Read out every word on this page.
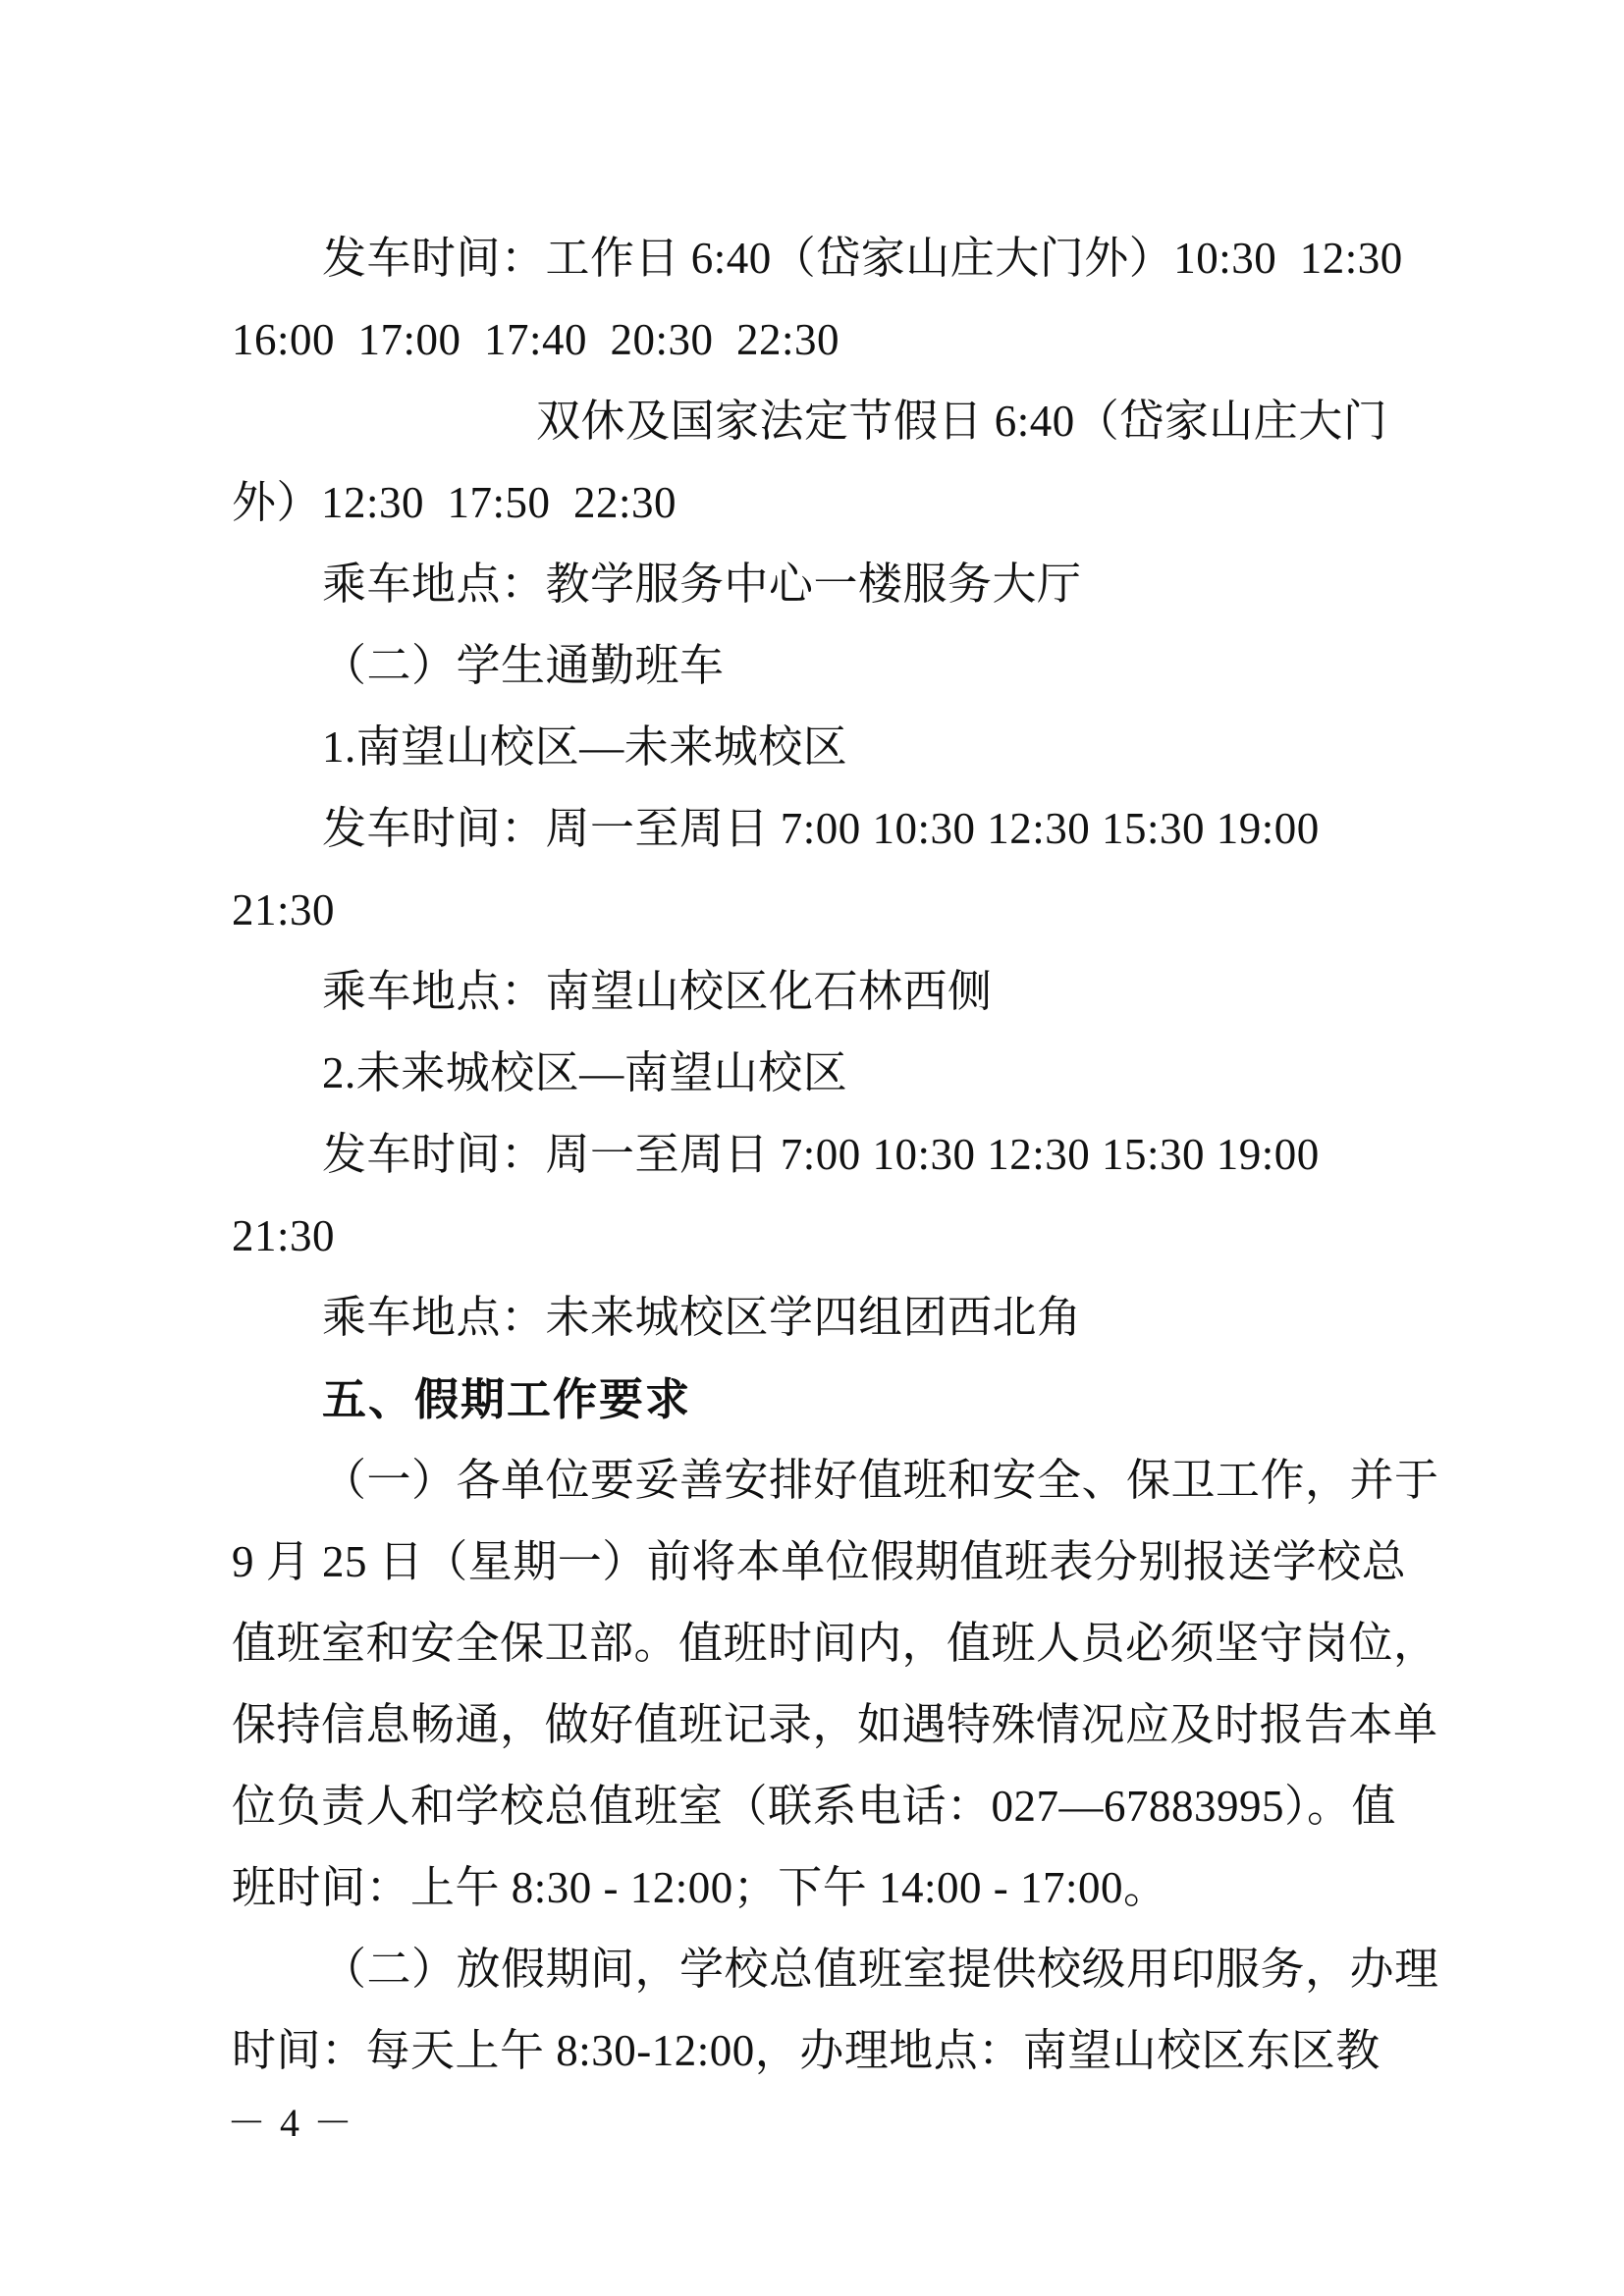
发车时间：工作日 6:40（岱家山庄大门外）10:30  12:30
16:00  17:00  17:40  20:30  22:30
双休及国家法定节假日 6:40（岱家山庄大门
外）12:30  17:50  22:30
乘车地点：教学服务中心一楼服务大厅
（二）学生通勤班车
1.南望山校区—未来城校区
发车时间：周一至周日 7:00 10:30 12:30 15:30 19:00
21:30
乘车地点：南望山校区化石林西侧
2.未来城校区—南望山校区
发车时间：周一至周日 7:00 10:30 12:30 15:30 19:00
21:30
乘车地点：未来城校区学四组团西北角
五、假期工作要求
（一）各单位要妥善安排好值班和安全、保卫工作，并于
9 月 25 日（星期一）前将本单位假期值班表分别报送学校总
值班室和安全保卫部。值班时间内，值班人员必须坚守岗位，
保持信息畅通，做好值班记录，如遇特殊情况应及时报告本单
位负责人和学校总值班室（联系电话：027—67883995）。值
班时间：上午 8:30 - 12:00；下午 14:00 - 17:00。
（二）放假期间，学校总值班室提供校级用印服务，办理
时间：每天上午 8:30-12:00，办理地点：南望山校区东区教
－ 4 －
